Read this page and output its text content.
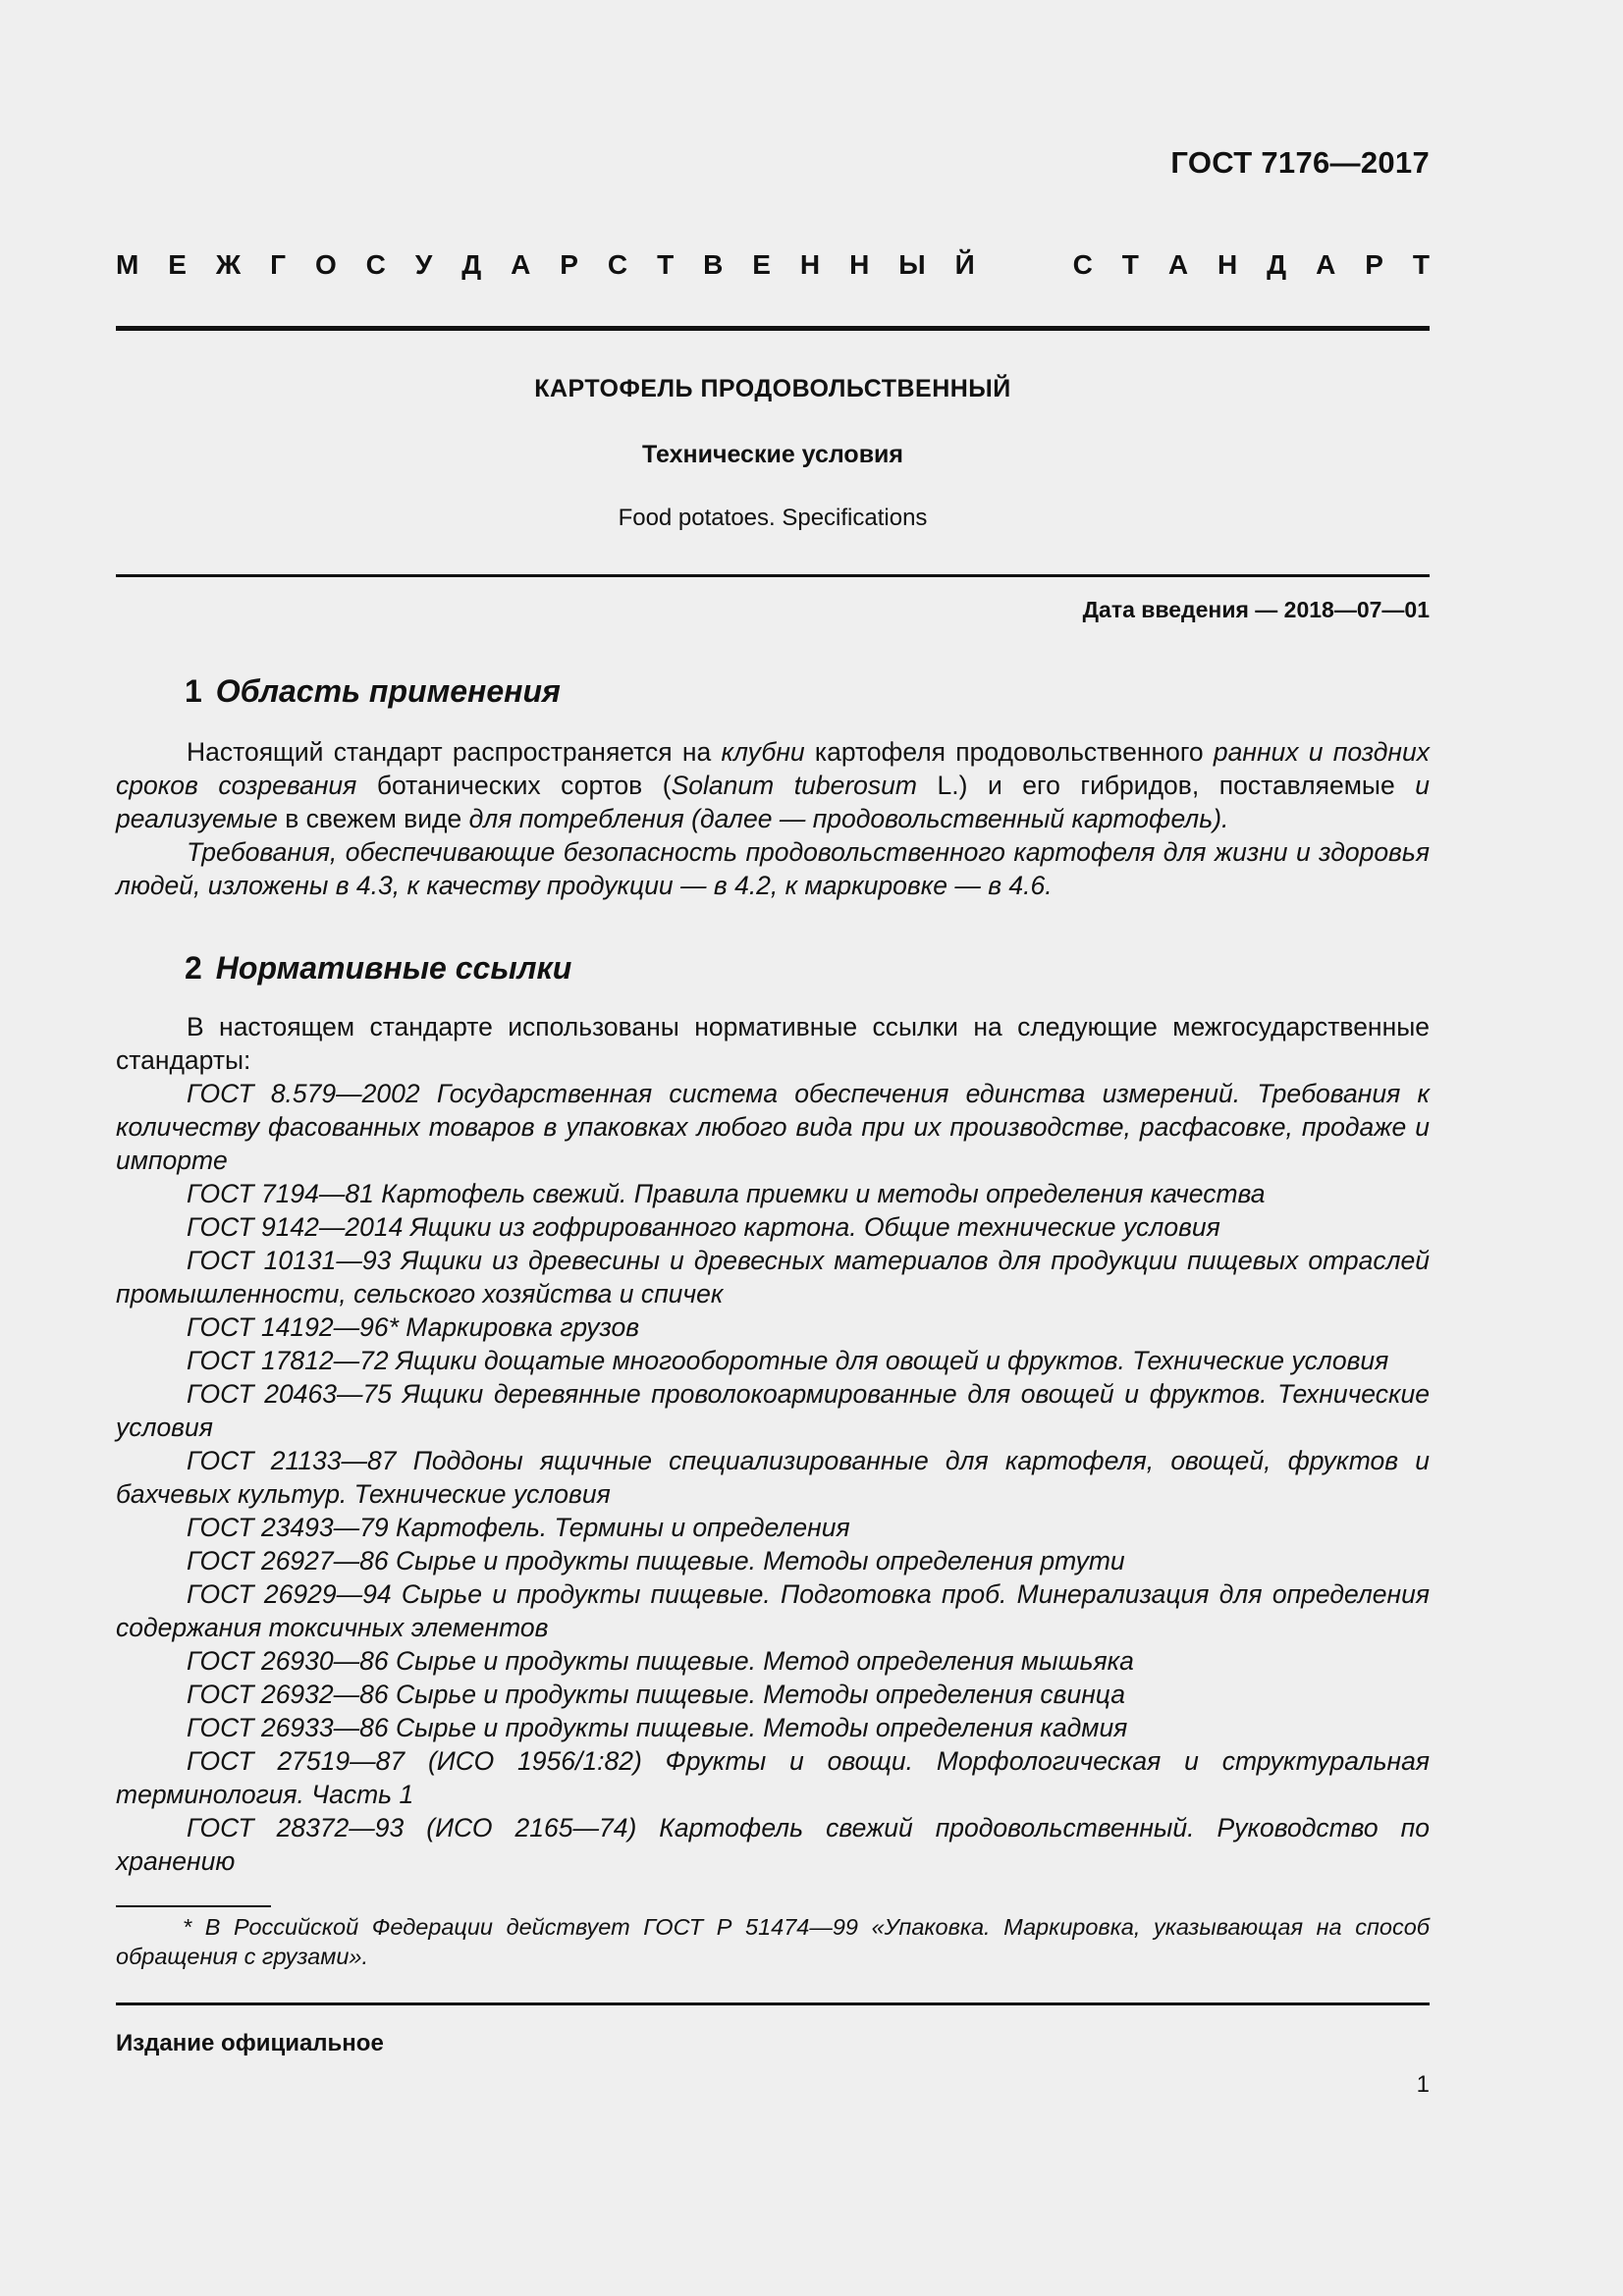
ГОСТ 7176—2017
М Е Ж Г О С У Д А Р С Т В Е Н Н Ы Й	С Т А Н Д А Р Т
КАРТОФЕЛЬ ПРОДОВОЛЬСТВЕННЫЙ
Технические условия
Food potatoes. Specifications
Дата введения — 2018—07—01
1 Область применения

Настоящий стандарт распространяется на клубни картофеля продовольственного ранних и поздних сроков созревания ботанических сортов (Solanum tuberosum L.) и его гибридов, поставляемые и реализуемые в свежем виде для потребления (далее — продовольственный картофель).

Требования, обеспечивающие безопасность продовольственного картофеля для жизни и здоровья людей, изложены в 4.3, к качеству продукции — в 4.2, к маркировке — в 4.6.

2 Нормативные ссылки

В настоящем стандарте использованы нормативные ссылки на следующие межгосударственные стандарты:

ГОСТ 8.579—2002 Государственная система обеспечения единства измерений. Требования к количеству фасованных товаров в упаковках любого вида при их производстве, расфасовке, продаже и импорте
ГОСТ 7194—81 Картофель свежий. Правила приемки и методы определения качества
ГОСТ 9142—2014 Ящики из гофрированного картона. Общие технические условия
ГОСТ 10131—93 Ящики из древесины и древесных материалов для продукции пищевых отраслей промышленности, сельского хозяйства и спичек
ГОСТ 14192—96* Маркировка грузов
ГОСТ 17812—72 Ящики дощатые многооборотные для овощей и фруктов. Технические условия
ГОСТ 20463—75 Ящики деревянные проволокоармированные для овощей и фруктов. Технические условия
ГОСТ 21133—87 Поддоны ящичные специализированные для картофеля, овощей, фруктов и бахчевых культур. Технические условия
ГОСТ 23493—79 Картофель. Термины и определения
ГОСТ 26927—86 Сырье и продукты пищевые. Методы определения ртути
ГОСТ 26929—94 Сырье и продукты пищевые. Подготовка проб. Минерализация для определения содержания токсичных элементов
ГОСТ 26930—86 Сырье и продукты пищевые. Метод определения мышьяка
ГОСТ 26932—86 Сырье и продукты пищевые. Методы определения свинца
ГОСТ 26933—86 Сырье и продукты пищевые. Методы определения кадмия
ГОСТ 27519—87 (ИСО 1956/1:82) Фрукты и овощи. Морфологическая и структуральная терминология. Часть 1
ГОСТ 28372—93 (ИСО 2165—74) Картофель свежий продовольственный. Руководство по хранению

* В Российской Федерации действует ГОСТ Р 51474—99 «Упаковка. Маркировка, указывающая на способ обращения с грузами».

Издание официальное
1
